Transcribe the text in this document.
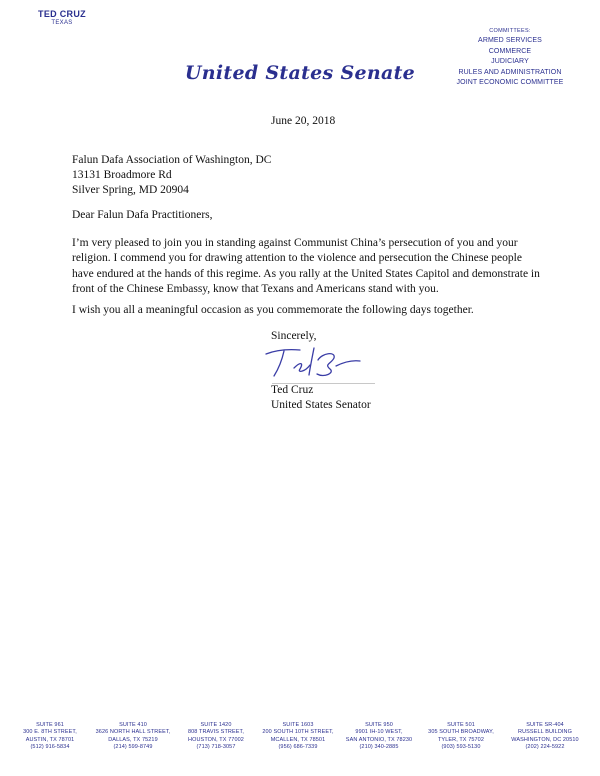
TED CRUZ
TEXAS
United States Senate
COMMITTEES:
ARMED SERVICES
COMMERCE
JUDICIARY
RULES AND ADMINISTRATION
JOINT ECONOMIC COMMITTEE
June 20, 2018
Falun Dafa Association of Washington, DC
13131 Broadmore Rd
Silver Spring, MD 20904
Dear Falun Dafa Practitioners,
I’m very pleased to join you in standing against Communist China’s persecution of you and your religion. I commend you for drawing attention to the violence and persecution the Chinese people have endured at the hands of this regime. As you rally at the United States Capitol and demonstrate in front of the Chinese Embassy, know that Texans and Americans stand with you.
I wish you all a meaningful occasion as you commemorate the following days together.
Sincerely,
Ted Cruz
United States Senator
SUITE 961
300 E. 8TH STREET,
AUSTIN, TX 78701
(512) 916-5834
SUITE 410
3626 NORTH HALL STREET,
DALLAS, TX 75219
(214) 599-8749
SUITE 1420
808 TRAVIS STREET,
HOUSTON, TX 77002
(713) 718-3057
SUITE 1603
200 SOUTH 10TH STREET,
MCALLEN, TX 78501
(956) 686-7339
SUITE 950
9901 IH-10 WEST,
SAN ANTONIO, TX 78230
(210) 340-2885
SUITE 501
305 SOUTH BROADWAY,
TYLER, TX 75702
(903) 593-5130
SUITE SR-404
RUSSELL BUILDING
WASHINGTON, DC 20510
(202) 224-5922
